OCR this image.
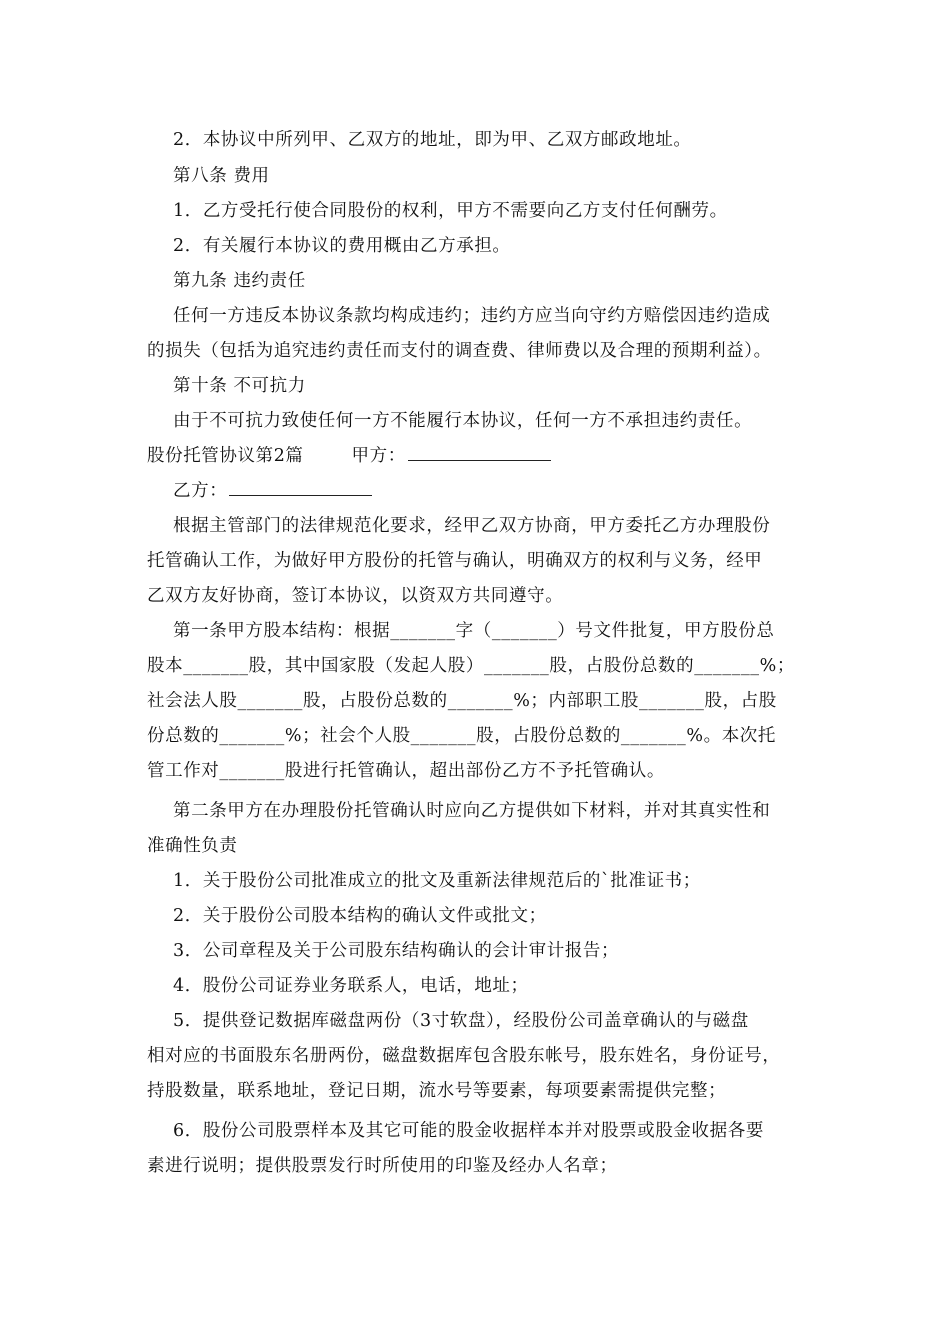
2．本协议中所列甲、乙双方的地址，即为甲、乙双方邮政地址。
第八条 费用
1．乙方受托行使合同股份的权利，甲方不需要向乙方支付任何酬劳。
2．有关履行本协议的费用概由乙方承担。
第九条 违约责任
任何一方违反本协议条款均构成违约；违约方应当向守约方赔偿因违约造成
的损失（包括为追究违约责任而支付的调查费、律师费以及合理的预期利益）。
第十条 不可抗力
由于不可抗力致使任何一方不能履行本协议，任何一方不承担违约责任。
股份托管协议第2篇	甲方：
乙方：
根据主管部门的法律规范化要求，经甲乙双方协商，甲方委托乙方办理股份
托管确认工作，为做好甲方股份的托管与确认，明确双方的权利与义务，经甲
乙双方友好协商，签订本协议，以资双方共同遵守。
第一条甲方股本结构：根据_______字（_______）号文件批复，甲方股份总
股本_______股，其中国家股（发起人股）_______股，占股份总数的_______%；
社会法人股_______股，占股份总数的_______%；内部职工股_______股，占股
份总数的_______%；社会个人股_______股，占股份总数的_______%。本次托
管工作对_______股进行托管确认，超出部份乙方不予托管确认。
第二条甲方在办理股份托管确认时应向乙方提供如下材料，并对其真实性和
准确性负责
1．关于股份公司批准成立的批文及重新法律规范后的`批准证书；
2．关于股份公司股本结构的确认文件或批文；
3．公司章程及关于公司股东结构确认的会计审计报告；
4．股份公司证券业务联系人，电话，地址；
5．提供登记数据库磁盘两份（3寸软盘），经股份公司盖章确认的与磁盘
相对应的书面股东名册两份，磁盘数据库包含股东帐号，股东姓名，身份证号，
持股数量，联系地址，登记日期，流水号等要素，每项要素需提供完整；
6．股份公司股票样本及其它可能的股金收据样本并对股票或股金收据各要
素进行说明；提供股票发行时所使用的印鉴及经办人名章；
